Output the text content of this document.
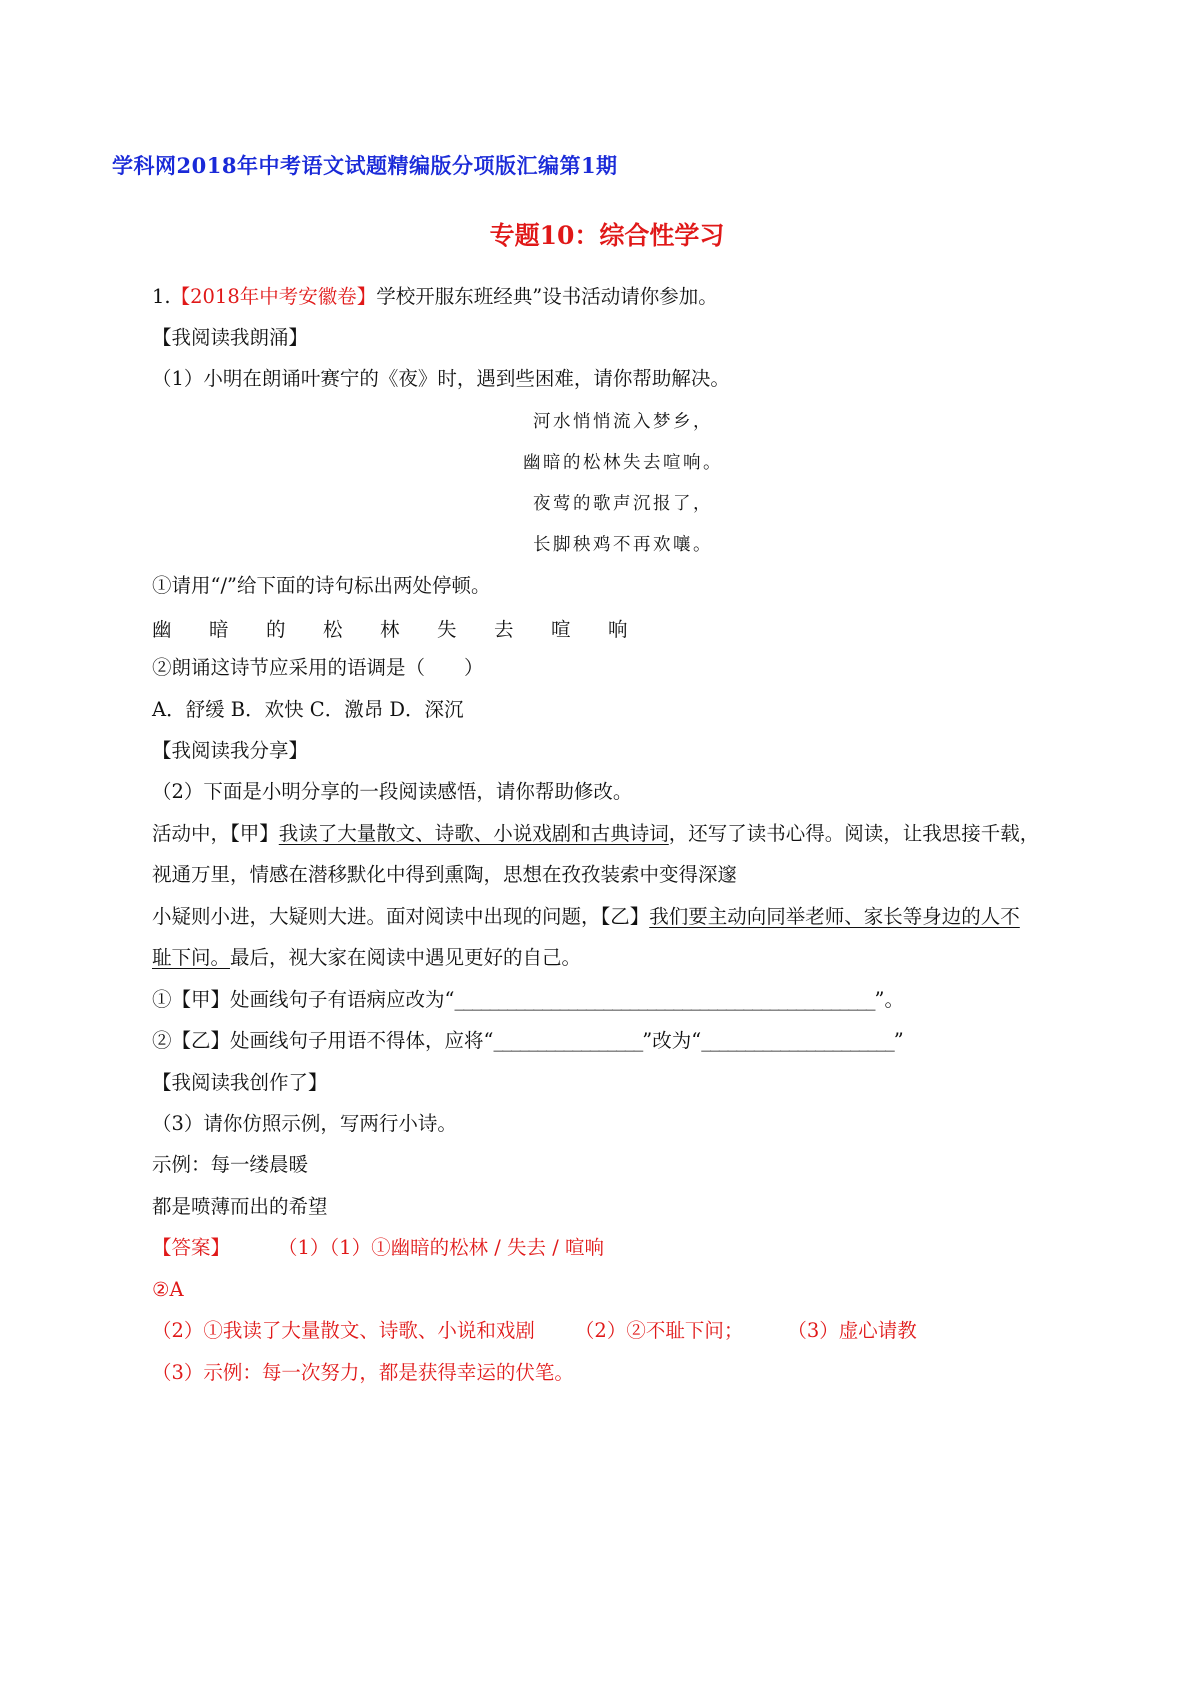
学科网2018年中考语文试题精编版分项版汇编第1期
专题10：综合性学习
1.【2018年中考安徽卷】学校开服东班经典”设书活动请你参加。
【我阅读我朗涌】
（1）小明在朗诵叶赛宁的《夜》时，遇到些困难，请你帮助解决。
河水悄悄流入梦乡，
幽暗的松林失去喧响。
夜莺的歌声沉报了，
长脚秧鸡不再欢嚷。
①请用“/”给下面的诗句标出两处停顿。
幽	暗	的	松	林	失	去	喧	响
②朗诵这诗节应采用的语调是（　　）
A．舒缓 B．欢快 C．激昂 D．深沉
【我阅读我分享】
（2）下面是小明分享的一段阅读感悟，请你帮助修改。
活动中，【甲】我读了大量散文、诗歌、小说戏剧和古典诗词，还写了读书心得。阅读，让我思接千载，
视通万里，情感在潜移默化中得到熏陶，思想在孜孜装索中变得深邃
小疑则小进，大疑则大进。面对阅读中出现的问题，【乙】我们要主动向同举老师、家长等身边的人不
耻下问。最后，视大家在阅读中遇见更好的自己。
①【甲】处画线句子有语病应改为“________________________________________________”。
②【乙】处画线句子用语不得体，应将“_________________”改为“______________________”
【我阅读我创作了】
（3）请你仿照示例，写两行小诗。
示例：每一缕晨暖
都是喷薄而出的希望
【答案】 （1）（1）①幽暗的松林 / 失去 / 喧响
②A
（2）①我读了大量散文、诗歌、小说和戏剧 （2）②不耻下问； （3）虚心请教
（3）示例：每一次努力，都是获得幸运的伏笔。
